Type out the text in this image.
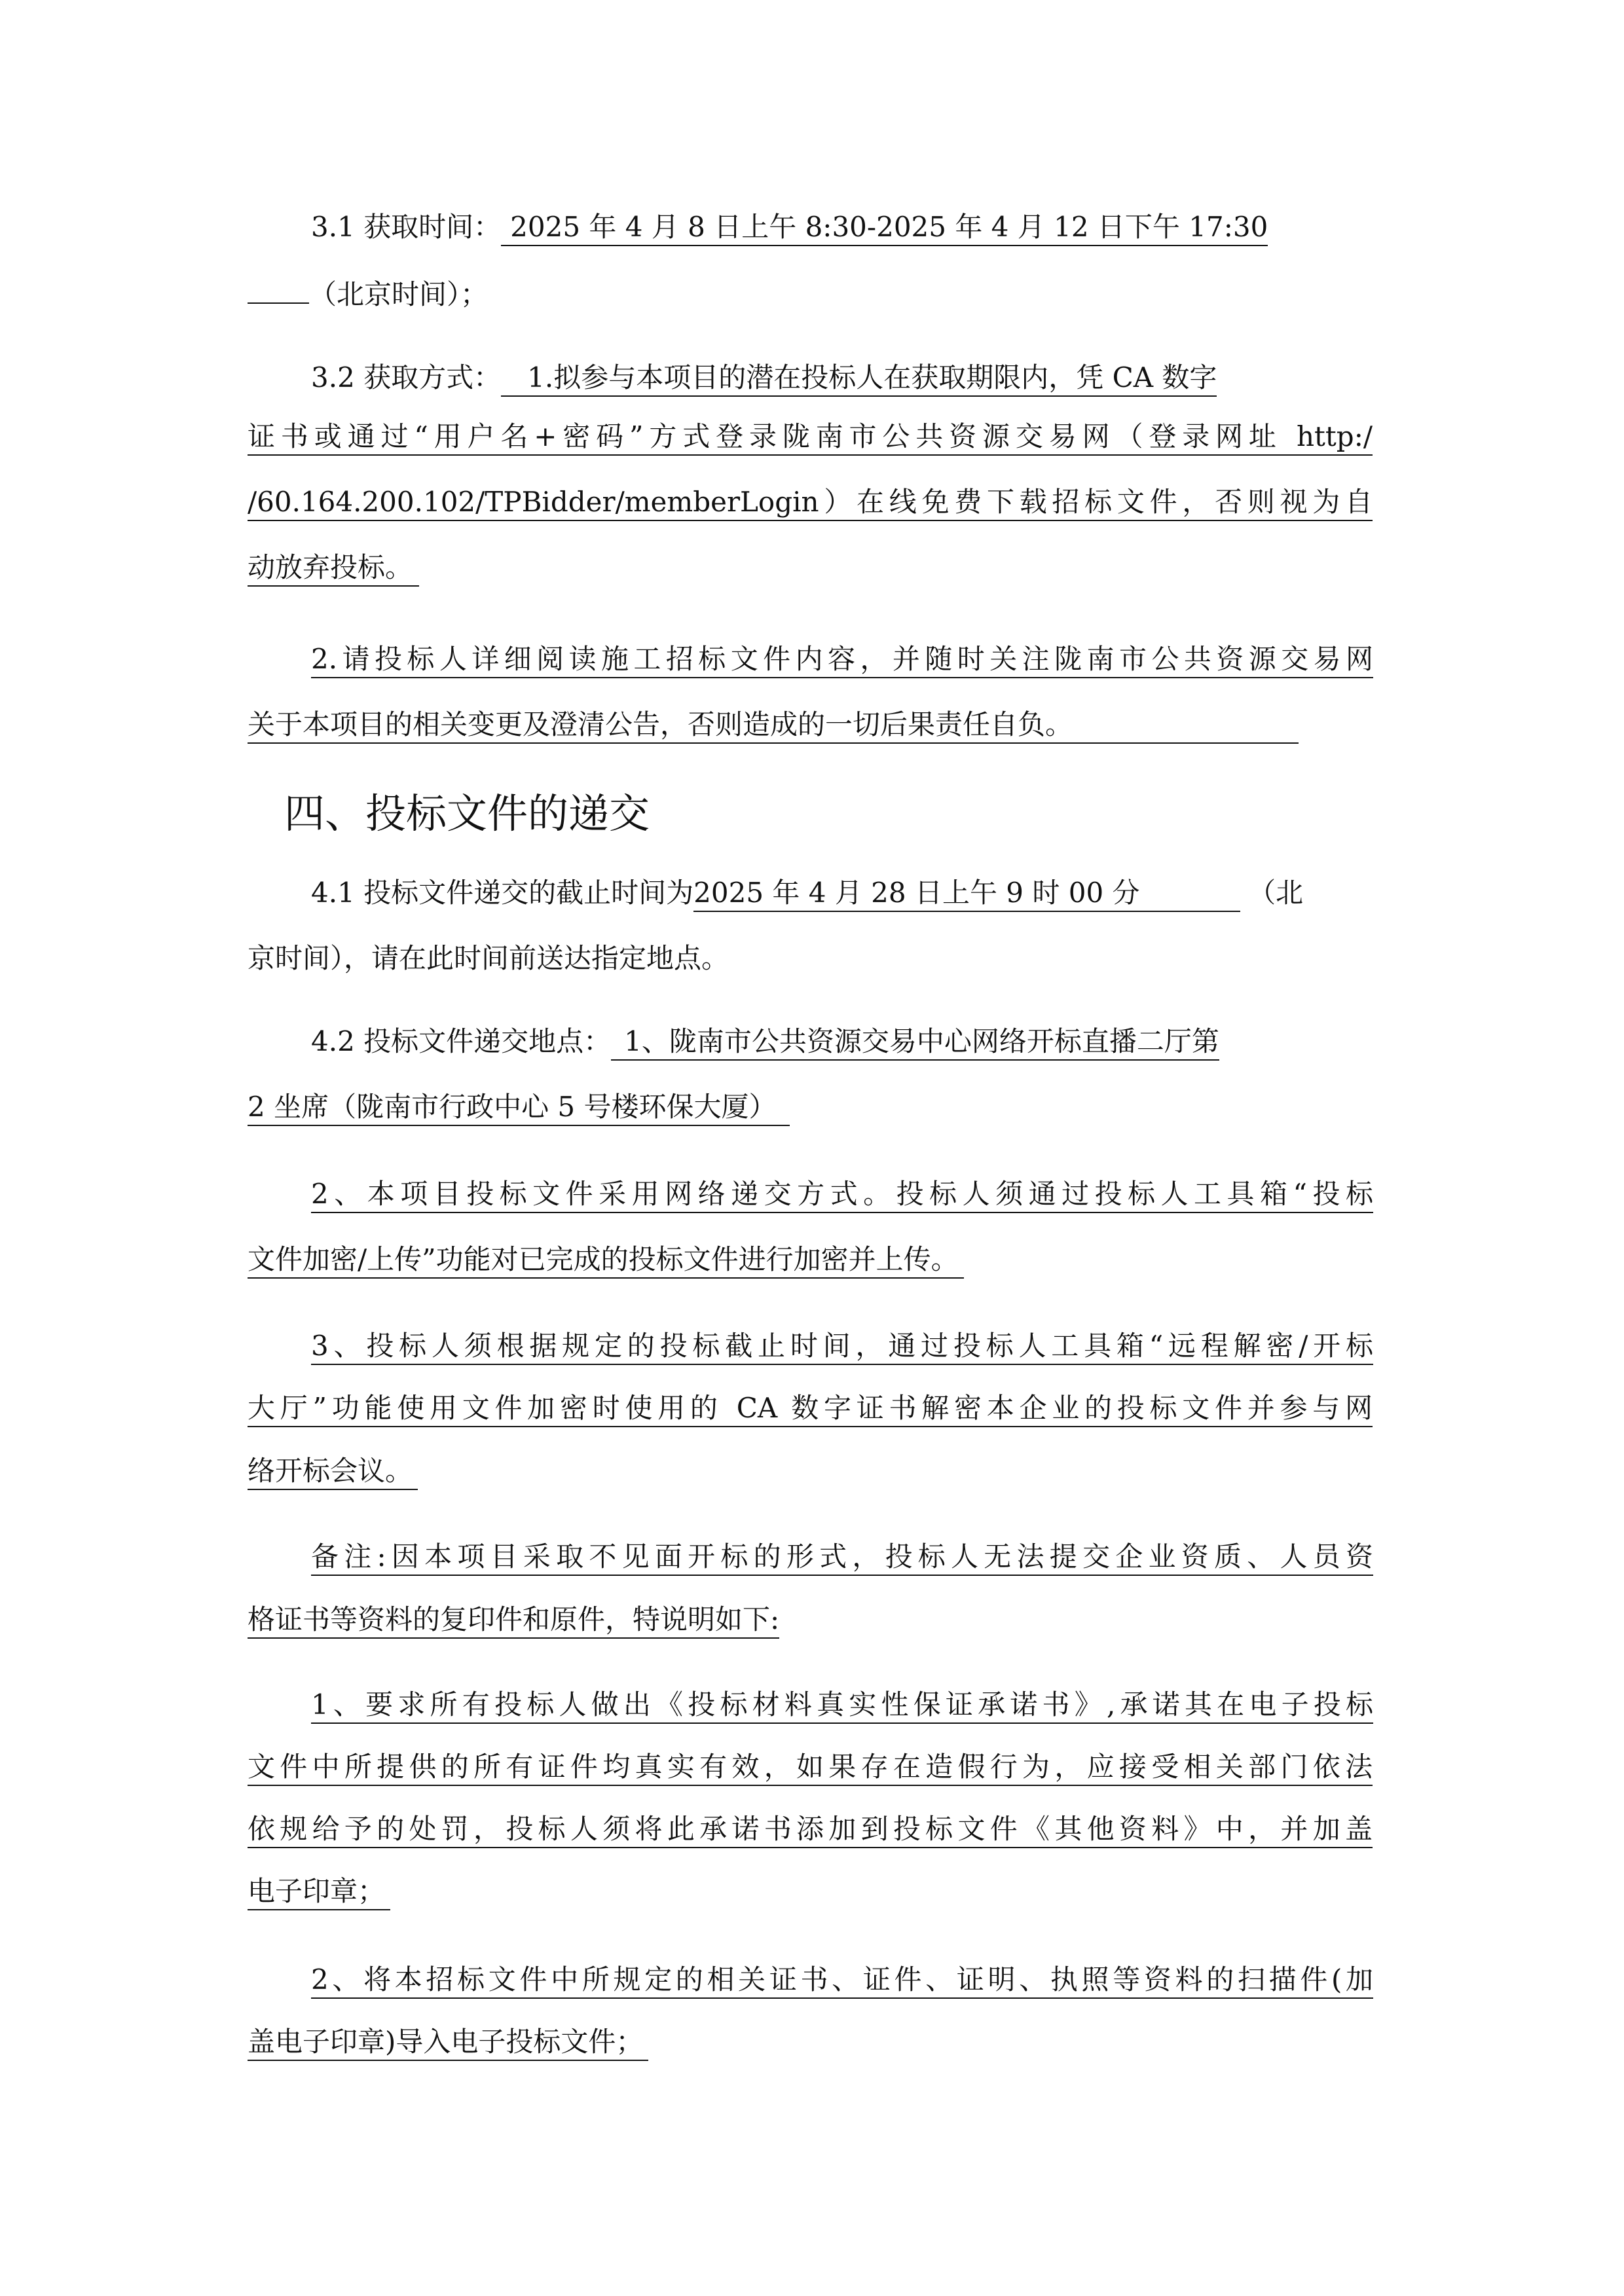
3.1 获取时间： 2025 年 4 月 8 日上午 8:30-2025 年 4 月 12 日下午 17:30
（北京时间）；
3.2 获取方式： 1.拟参与本项目的潜在投标人在获取期限内，凭 CA 数字
证书或通过“用户名+密码”方式登录陇南市公共资源交易网（登录网址 http:/
/60.164.200.102/TPBidder/memberLogin）在线免费下载招标文件，否则视为自
动放弃投标。
2.请投标人详细阅读施工招标文件内容，并随时关注陇南市公共资源交易网
关于本项目的相关变更及澄清公告，否则造成的一切后果责任自负。
四、投标文件的递交
4.1 投标文件递交的截止时间为2025 年 4 月 28 日上午 9 时 00 分	（北
京时间），请在此时间前送达指定地点。
4.2 投标文件递交地点： 1、陇南市公共资源交易中心网络开标直播二厅第
2 坐席（陇南市行政中心 5 号楼环保大厦）
2、本项目投标文件采用网络递交方式。投标人须通过投标人工具箱“投标
文件加密/上传”功能对已完成的投标文件进行加密并上传。
3、投标人须根据规定的投标截止时间，通过投标人工具箱“远程解密/开标
大厅”功能使用文件加密时使用的 CA 数字证书解密本企业的投标文件并参与网
络开标会议。
备注:因本项目采取不见面开标的形式，投标人无法提交企业资质、人员资
格证书等资料的复印件和原件，特说明如下:
1、要求所有投标人做出《投标材料真实性保证承诺书》,承诺其在电子投标
文件中所提供的所有证件均真实有效，如果存在造假行为，应接受相关部门依法
依规给予的处罚，投标人须将此承诺书添加到投标文件《其他资料》中，并加盖
电子印章；
2、将本招标文件中所规定的相关证书、证件、证明、执照等资料的扫描件(加
盖电子印章)导入电子投标文件；
